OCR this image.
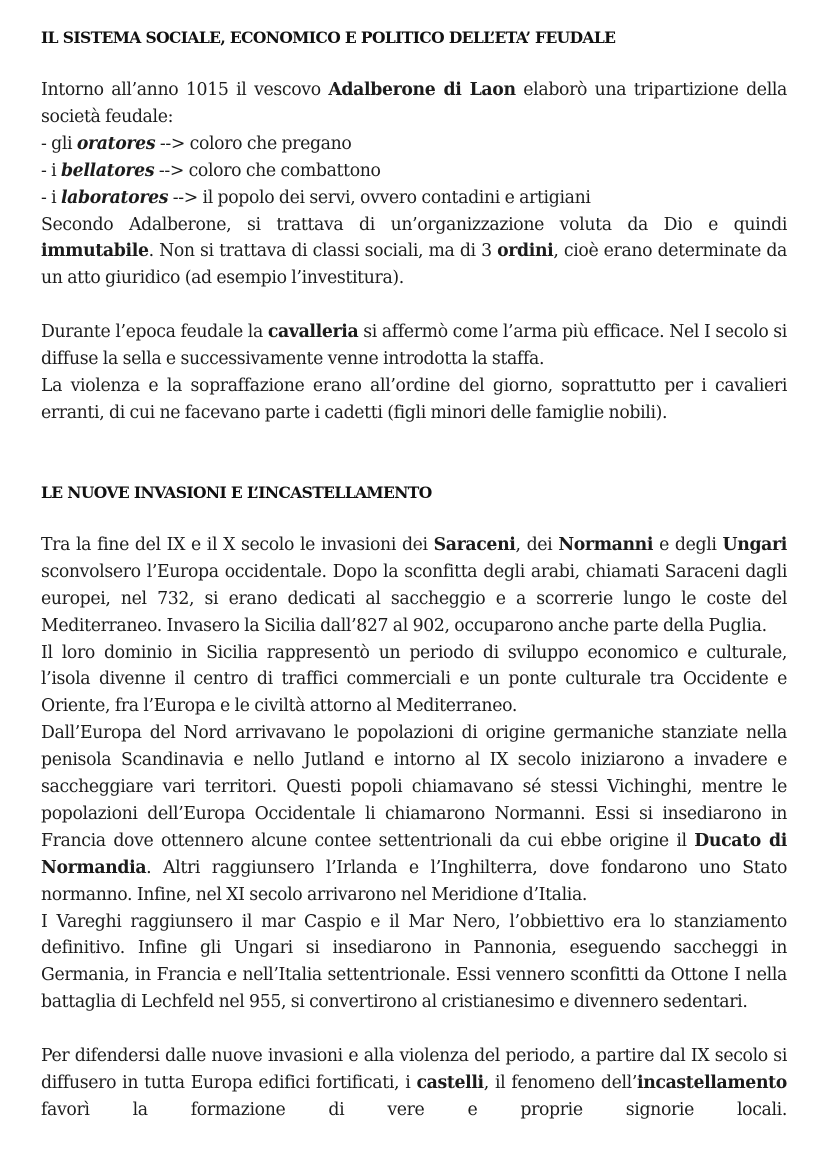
IL SISTEMA SOCIALE, ECONOMICO E POLITICO DELL’ETA’ FEUDALE

Intorno all’anno 1015 il vescovo Adalberone di Laon elaborò una tripartizione della società feudale:

- gli oratores --> coloro che pregano

- i bellatores --> coloro che combattono

- i laboratores --> il popolo dei servi, ovvero contadini e artigiani

Secondo Adalberone, si trattava di un’organizzazione voluta da Dio e quindi immutabile. Non si trattava di classi sociali, ma di 3 ordini, cioè erano determinate da un atto giuridico (ad esempio l’investitura).

Durante l’epoca feudale la cavalleria si affermò come l’arma più efficace. Nel I secolo si diffuse la sella e successivamente venne introdotta la staffa.

La violenza e la sopraffazione erano all’ordine del giorno, soprattutto per i cavalieri erranti, di cui ne facevano parte i cadetti (figli minori delle famiglie nobili).

LE NUOVE INVASIONI E L’INCASTELLAMENTO

Tra la fine del IX e il X secolo le invasioni dei Saraceni, dei Normanni e degli Ungari sconvolsero l’Europa occidentale. Dopo la sconfitta degli arabi, chiamati Saraceni dagli europei, nel 732, si erano dedicati al saccheggio e a scorrerie lungo le coste del Mediterraneo. Invasero la Sicilia dall’827 al 902, occuparono anche parte della Puglia.

Il loro dominio in Sicilia rappresentò un periodo di sviluppo economico e culturale, l’isola divenne il centro di traffici commerciali e un ponte culturale tra Occidente e Oriente, fra l’Europa e le civiltà attorno al Mediterraneo.

Dall’Europa del Nord arrivavano le popolazioni di origine germaniche stanziate nella penisola Scandinavia e nello Jutland e intorno al IX secolo iniziarono a invadere e saccheggiare vari territori. Questi popoli chiamavano sé stessi Vichinghi, mentre le popolazioni dell’Europa Occidentale li chiamarono Normanni. Essi si insediarono in Francia dove ottennero alcune contee settentrionali da cui ebbe origine il Ducato di Normandia. Altri raggiunsero l’Irlanda e l’Inghilterra, dove fondarono uno Stato normanno. Infine, nel XI secolo arrivarono nel Meridione d’Italia.

I Vareghi raggiunsero il mar Caspio e il Mar Nero, l’obbiettivo era lo stanziamento definitivo. Infine gli Ungari si insediarono in Pannonia, eseguendo saccheggi in Germania, in Francia e nell’Italia settentrionale. Essi vennero sconfitti da Ottone I nella battaglia di Lechfeld nel 955, si convertirono al cristianesimo e divennero sedentari.

Per difendersi dalle nuove invasioni e alla violenza del periodo, a partire dal IX secolo si diffusero in tutta Europa edifici fortificati, i castelli, il fenomeno dell’incastellamento favorì la formazione di vere e proprie signorie locali.
